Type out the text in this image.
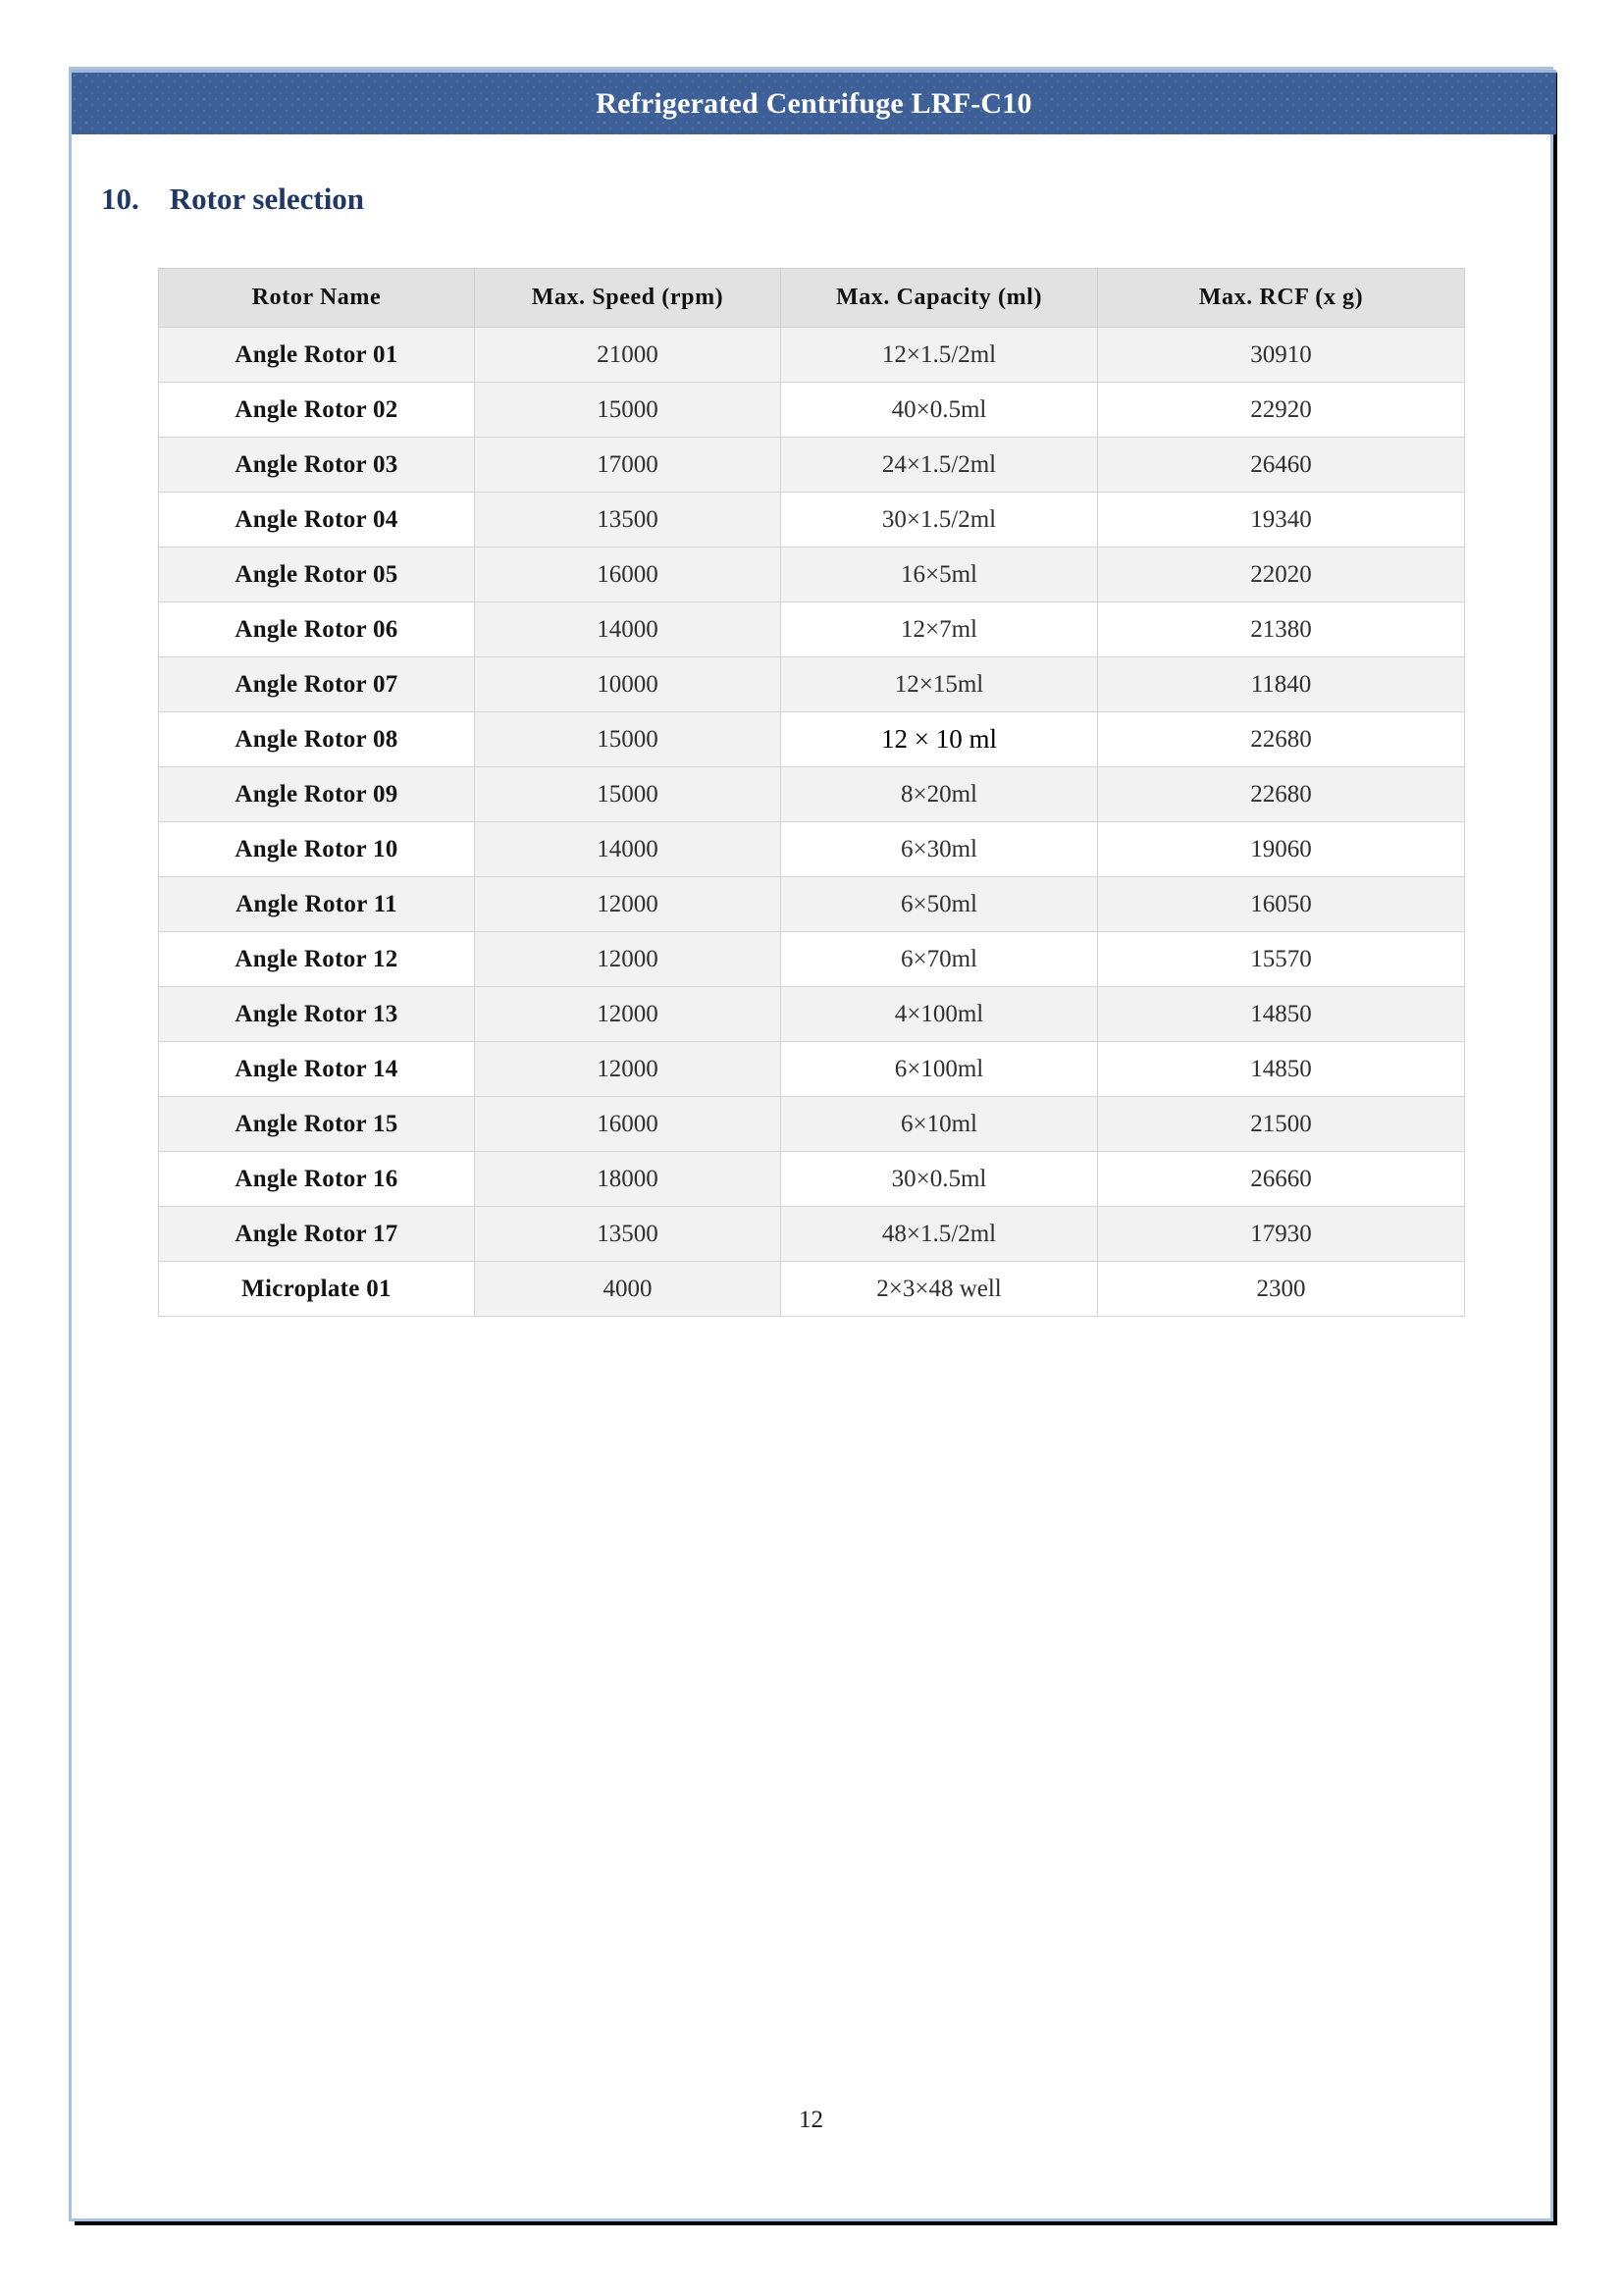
Refrigerated Centrifuge LRF-C10
10.    Rotor selection
Rotor Name	Max. Speed (rpm)	Max. Capacity (ml)	Max. RCF (x g)
Angle Rotor 01	21000	12×1.5/2ml	30910
Angle Rotor 02	15000	40×0.5ml	22920
Angle Rotor 03	17000	24×1.5/2ml	26460
Angle Rotor 04	13500	30×1.5/2ml	19340
Angle Rotor 05	16000	16×5ml	22020
Angle Rotor 06	14000	12×7ml	21380
Angle Rotor 07	10000	12×15ml	11840
Angle Rotor 08	15000	12 × 10 ml	22680
Angle Rotor 09	15000	8×20ml	22680
Angle Rotor 10	14000	6×30ml	19060
Angle Rotor 11	12000	6×50ml	16050
Angle Rotor 12	12000	6×70ml	15570
Angle Rotor 13	12000	4×100ml	14850
Angle Rotor 14	12000	6×100ml	14850
Angle Rotor 15	16000	6×10ml	21500
Angle Rotor 16	18000	30×0.5ml	26660
Angle Rotor 17	13500	48×1.5/2ml	17930
Microplate 01	4000	2×3×48 well	2300
12
